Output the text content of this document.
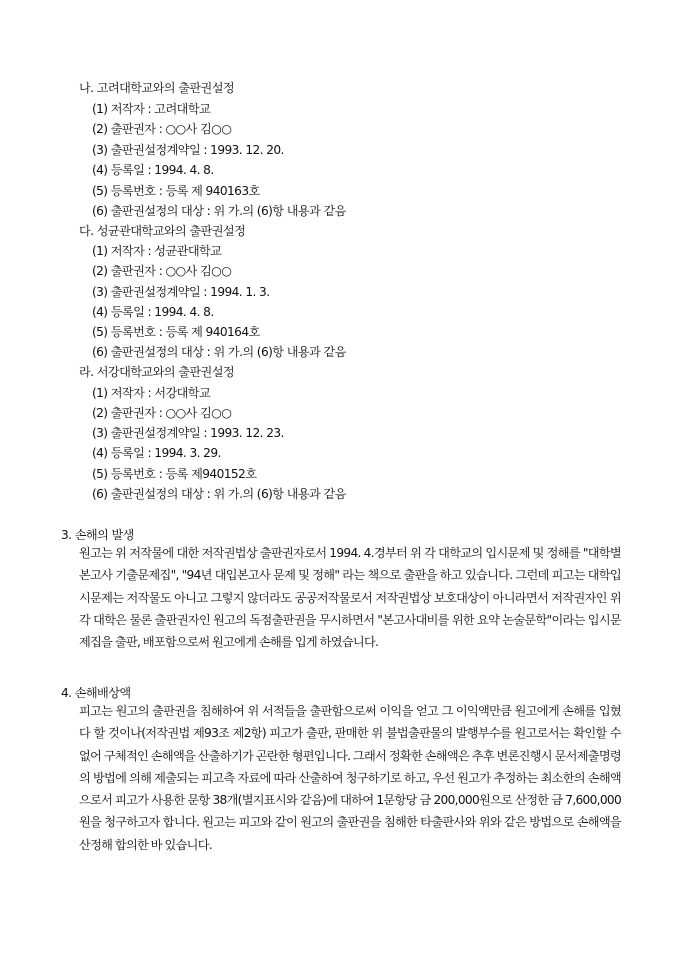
나. 고려대학교와의 출판권설정
(1) 저작자 : 고려대학교
(2) 출판권자 : ○○사 김○○
(3) 출판권설정계약일 : 1993. 12. 20.
(4) 등록일 : 1994. 4. 8.
(5) 등록번호 : 등록 제 940163호
(6) 출판권설정의 대상 : 위 가.의 (6)항 내용과 같음
다. 성균관대학교와의 출판권설정
(1) 저작자 : 성균관대학교
(2) 출판권자 : ○○사 김○○
(3) 출판권설정계약일 : 1994. 1. 3.
(4) 등록일 : 1994. 4. 8.
(5) 등록번호 : 등록 제 940164호
(6) 출판권설정의 대상 : 위 가.의 (6)항 내용과 같음
라. 서강대학교와의 출판권설정
(1) 저작자 : 서강대학교
(2) 출판권자 : ○○사 김○○
(3) 출판권설정계약일 : 1993. 12. 23.
(4) 등록일 : 1994. 3. 29.
(5) 등록번호 : 등록 제940152호
(6) 출판권설정의 대상 : 위 가.의 (6)항 내용과 같음
3. 손해의 발생
원고는 위 저작물에 대한 저작권법상 출판권자로서 1994. 4.경부터 위 각 대학교의 입시문제 및 정해를 "대학별 본고사 기출문제집", "94년 대입본고사 문제 및 정해" 라는 책으로 출판을 하고 있습니다. 그런데 피고는 대학입시문제는 저작물도 아니고 그렇지 않더라도 공공저작물로서 저작권법상 보호대상이 아니라면서 저작권자인 위 각 대학은 물론 출판권자인 원고의 독점출판권을 무시하면서 "본고사대비를 위한 요약 논술문학"이라는 입시문제집을 출판, 배포함으로써 원고에게 손해를 입게 하였습니다.
4. 손해배상액
피고는 원고의 출판권을 침해하여 위 서적들을 출판함으로써 이익을 얻고 그 이익액만큼 원고에게 손해를 입혔다 할 것이나(저작권법 제93조 제2항) 피고가 출판, 판매한 위 불법출판물의 발행부수를 원고로서는 확인할 수 없어 구체적인 손해액을 산출하기가 곤란한 형편입니다. 그래서 정확한 손해액은 추후 변론진행시 문서제출명령의 방법에 의해 제출되는 피고측 자료에 따라 산출하여 청구하기로 하고, 우선 원고가 추정하는 최소한의 손해액으로서 피고가 사용한 문항 38개(별지표시와 같음)에 대하여 1문항당 금 200,000원으로 산정한 금 7,600,000원을 청구하고자 합니다. 원고는 피고와 같이 원고의 출판권을 침해한 타출판사와 위와 같은 방법으로 손해액을 산정해 합의한 바 있습니다.
